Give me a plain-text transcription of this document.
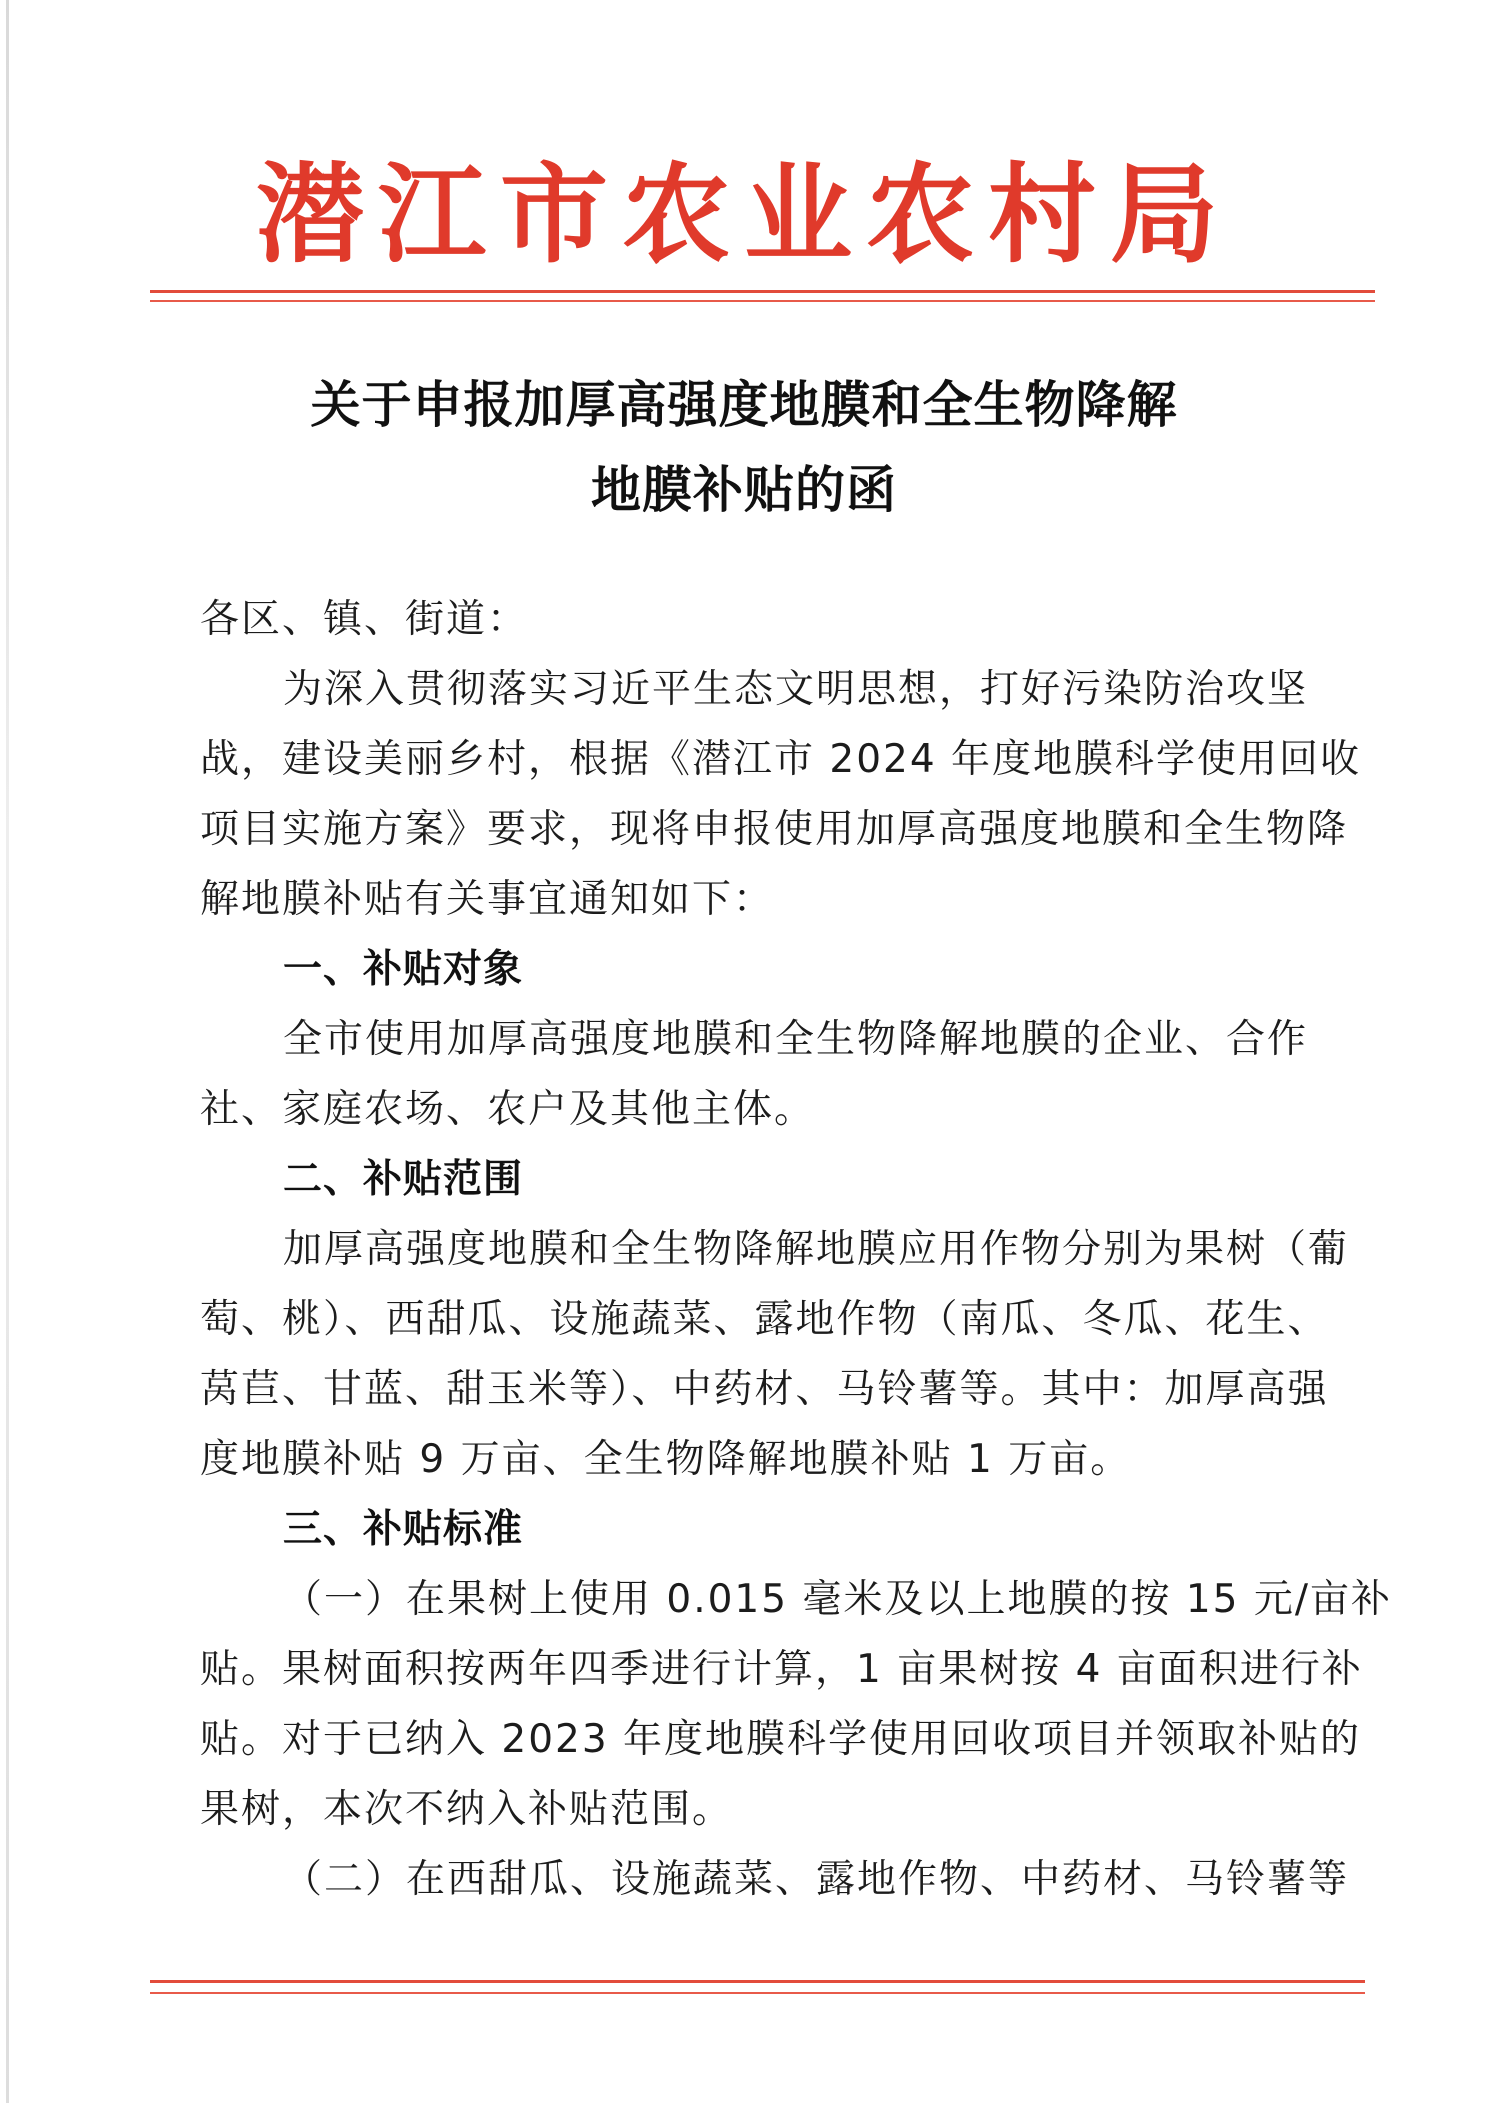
潜江市农业农村局
关于申报加厚高强度地膜和全生物降解
地膜补贴的函
各区、镇、街道：
为深入贯彻落实习近平生态文明思想，打好污染防治攻坚
战，建设美丽乡村，根据《潜江市 2024 年度地膜科学使用回收
项目实施方案》要求，现将申报使用加厚高强度地膜和全生物降
解地膜补贴有关事宜通知如下：
一、补贴对象
全市使用加厚高强度地膜和全生物降解地膜的企业、合作
社、家庭农场、农户及其他主体。
二、补贴范围
加厚高强度地膜和全生物降解地膜应用作物分别为果树（葡
萄、桃）、西甜瓜、设施蔬菜、露地作物（南瓜、冬瓜、花生、
莴苣、甘蓝、甜玉米等）、中药材、马铃薯等。其中：加厚高强
度地膜补贴 9 万亩、全生物降解地膜补贴 1 万亩。
三、补贴标准
（一）在果树上使用 0.015 毫米及以上地膜的按 15 元/亩补
贴。果树面积按两年四季进行计算，1 亩果树按 4 亩面积进行补
贴。对于已纳入 2023 年度地膜科学使用回收项目并领取补贴的
果树，本次不纳入补贴范围。
（二）在西甜瓜、设施蔬菜、露地作物、中药材、马铃薯等
